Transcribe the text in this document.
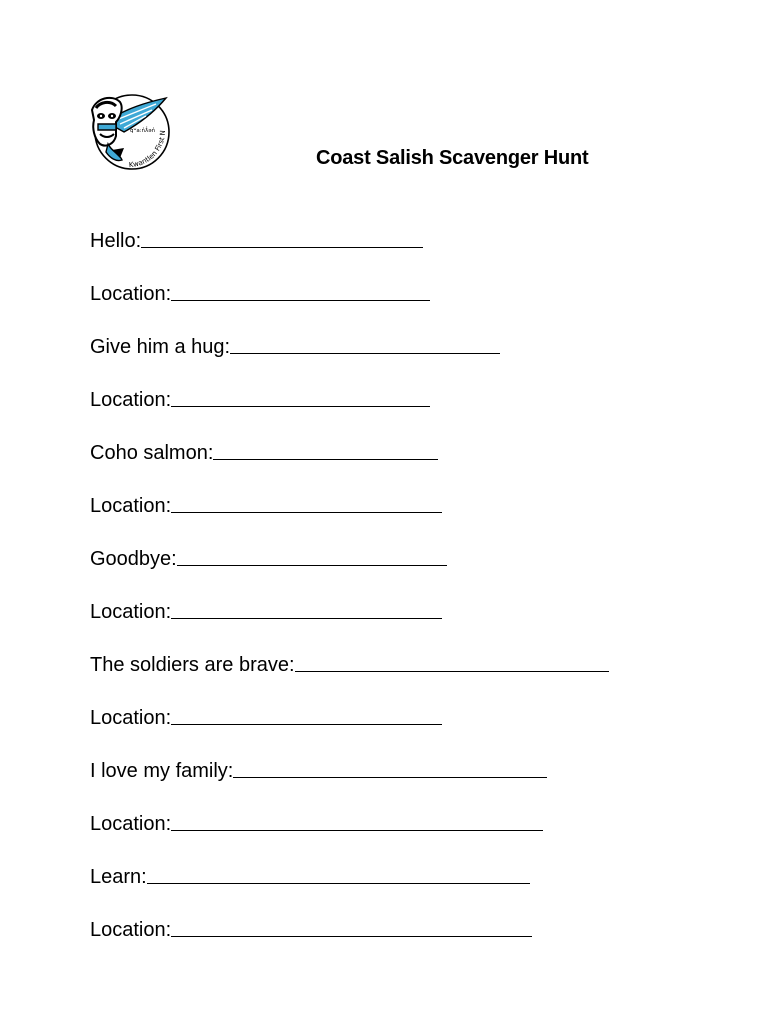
Kwantlen First N
q̓ʷa:n̓ƛ̓ən̓
Coast Salish Scavenger Hunt
Hello:
Location:
Give him a hug:
Location:
Coho salmon:
Location:
Goodbye:
Location:
The soldiers are brave:
Location:
I love my family:
Location:
Learn:
Location:
